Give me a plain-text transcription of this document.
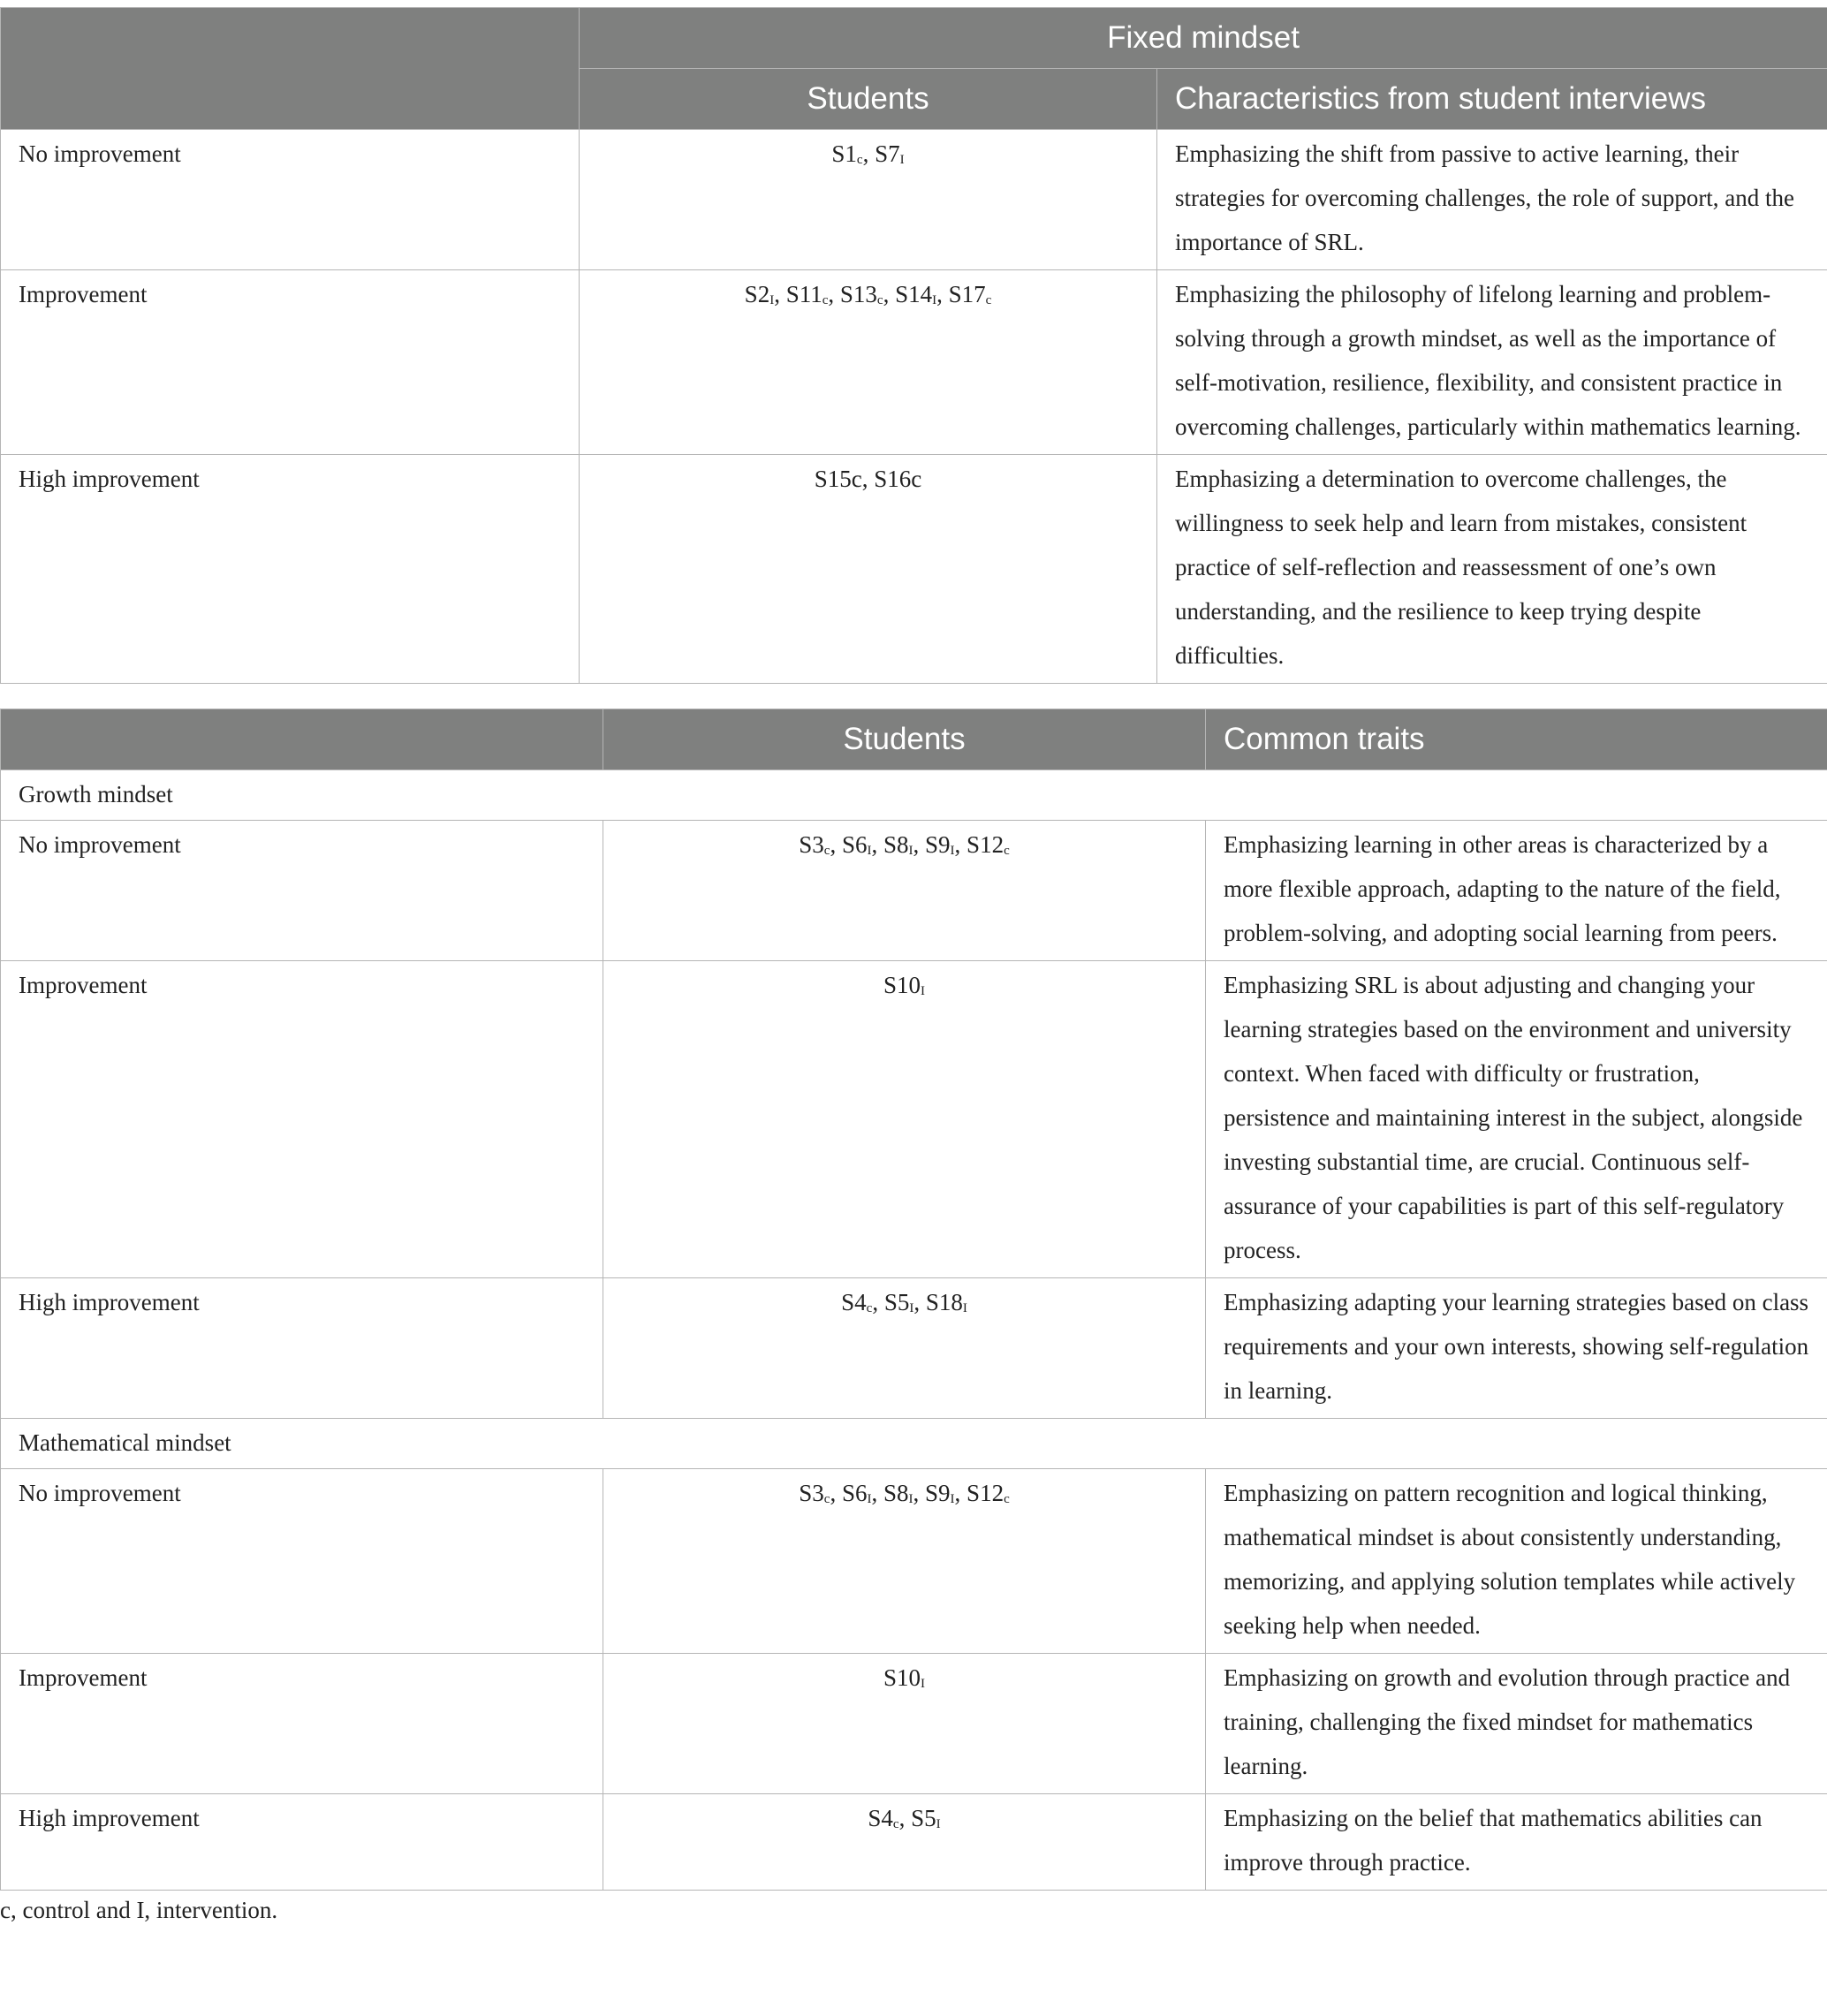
	Fixed mindset	
	Students	Characteristics from student interviews
No improvement	$S1_c$, $S7_I$	Emphasizing the shift from passive to active learning, their strategies for overcoming challenges, the role of support, and the importance of SRL.
Improvement	$S2_I$, $S11_c$, $S13_c$, $S14_I$, $S17_c$	Emphasizing the philosophy of lifelong learning and problem-solving through a growth mindset, as well as the importance of self-motivation, resilience, flexibility, and consistent practice in overcoming challenges, particularly within mathematics learning.
High improvement	S15c, S16c	Emphasizing a determination to overcome challenges, the willingness to seek help and learn from mistakes, consistent practice of self-reflection and reassessment of one’s own understanding, and the resilience to keep trying despite difficulties.
	Students	Common traits
Growth mindset		
No improvement	$S3_c$, $S6_I$, $S8_I$, $S9_I$, $S12_c$	Emphasizing learning in other areas is characterized by a more flexible approach, adapting to the nature of the field, problem-solving, and adopting social learning from peers.
Improvement	$S10_I$	Emphasizing SRL is about adjusting and changing your learning strategies based on the environment and university context. When faced with difficulty or frustration, persistence and maintaining interest in the subject, alongside investing substantial time, are crucial. Continuous self-assurance of your capabilities is part of this self-regulatory process.
High improvement	$S4_c$, $S5_I$, $S18_I$	Emphasizing adapting your learning strategies based on class requirements and your own interests, showing self-regulation in learning.
Mathematical mindset		
No improvement	$S3_c$, $S6_I$, $S8_I$, $S9_I$, $S12_c$	Emphasizing on pattern recognition and logical thinking, mathematical mindset is about consistently understanding, memorizing, and applying solution templates while actively seeking help when needed.
Improvement	$S10_I$	Emphasizing on growth and evolution through practice and training, challenging the fixed mindset for mathematics learning.
High improvement	$S4_c$, $S5_I$	Emphasizing on the belief that mathematics abilities can improve through practice.
c, control and I, intervention.
